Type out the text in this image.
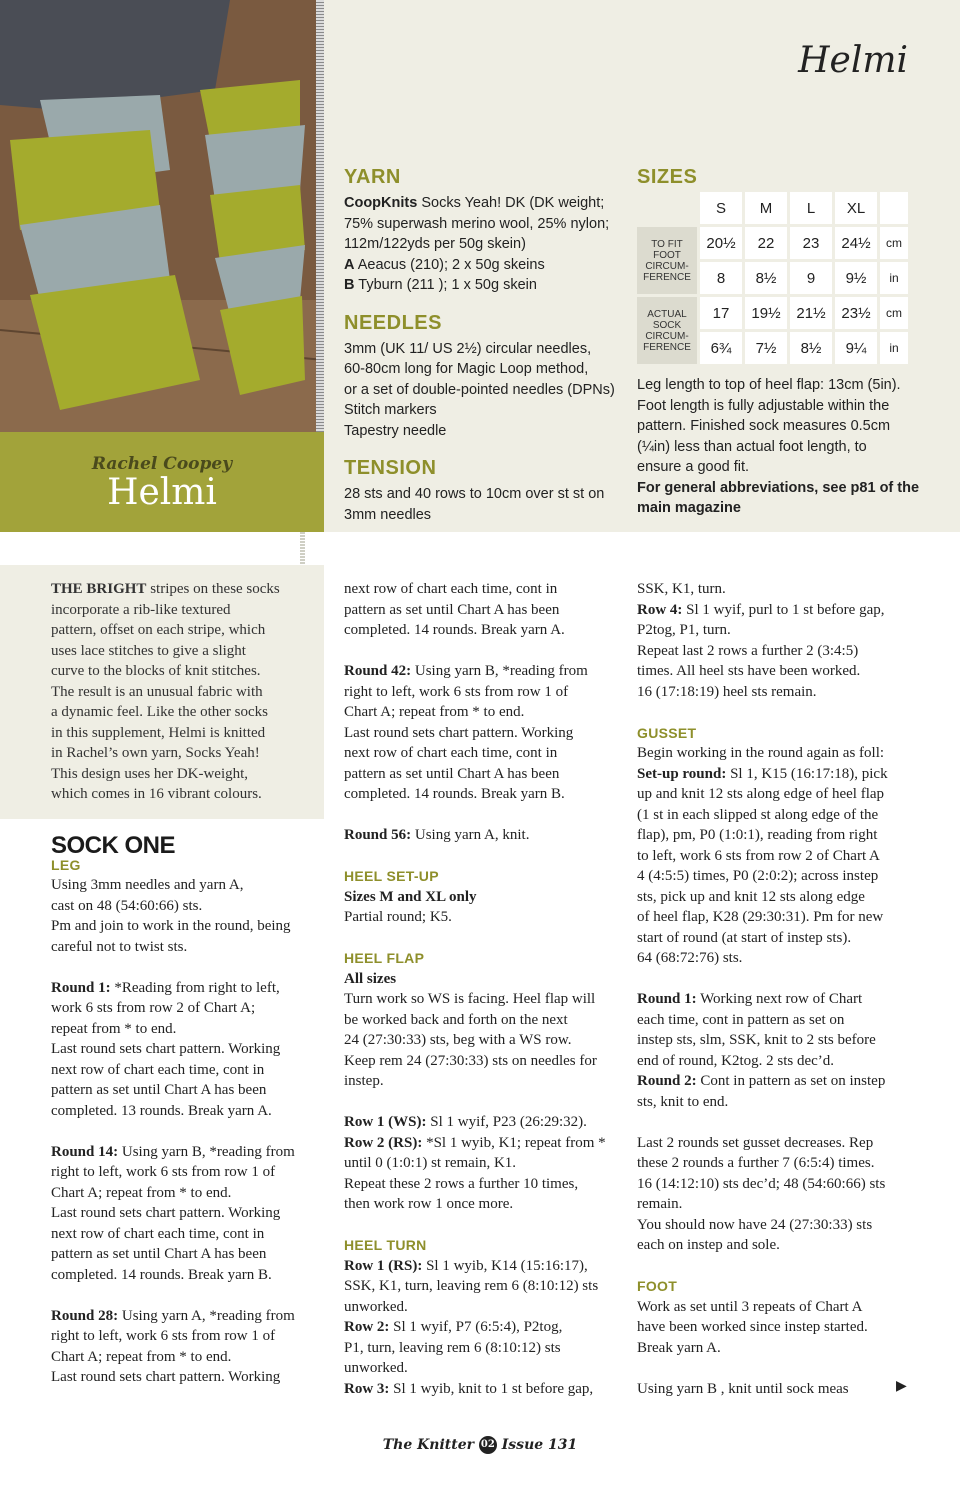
Rachel Coopey
Helmi
Helmi
YARN
CoopKnits Socks Yeah! DK (DK weight;
75% superwash merino wool, 25% nylon;
112m/122yds per 50g skein)
A Aeacus (210); 2 x 50g skeins
B Tyburn (211 ); 1 x 50g skein
NEEDLES
3mm (UK 11/ US 2½) circular needles,
60-80cm long for Magic Loop method,
or a set of double-pointed needles (DPNs)
Stitch markers
Tapestry needle
TENSION
28 sts and 40 rows to 10cm over st st on
3mm needles
SIZES
	S	M	L	XL	
TO FIT
FOOT
CIRCUM-
FERENCE	20½	22	23	24½	cm
	8	8½	9	9½	in
ACTUAL
SOCK
CIRCUM-
FERENCE	17	19½	21½	23½	cm
	6¾	7½	8½	9¼	in
Leg length to top of heel flap: 13cm (5in).
Foot length is fully adjustable within the
pattern. Finished sock measures 0.5cm
(¼in) less than actual foot length, to
ensure a good fit.
For general abbreviations, see p81 of the
main magazine
THE BRIGHT stripes on these socks
incorporate a rib-like textured
pattern, offset on each stripe, which
uses lace stitches to give a slight
curve to the blocks of knit stitches.
The result is an unusual fabric with
a dynamic feel. Like the other socks
in this supplement, Helmi is knitted
in Rachel’s own yarn, Socks Yeah!
This design uses her DK-weight,
which comes in 16 vibrant colours.
SOCK ONE
LEG

Using 3mm needles and yarn A,
cast on 48 (54:60:66) sts.
Pm and join to work in the round, being
careful not to twist sts.

Round 1: *Reading from right to left,
work 6 sts from row 2 of Chart A;
repeat from * to end.
Last round sets chart pattern. Working
next row of chart each time, cont in
pattern as set until Chart A has been
completed. 13 rounds. Break yarn A.

Round 14: Using yarn B, *reading from
right to left, work 6 sts from row 1 of
Chart A; repeat from * to end.
Last round sets chart pattern. Working
next row of chart each time, cont in
pattern as set until Chart A has been
completed. 14 rounds. Break yarn B.

Round 28: Using yarn A, *reading from
right to left, work 6 sts from row 1 of
Chart A; repeat from * to end.
Last round sets chart pattern. Working

next row of chart each time, cont in
pattern as set until Chart A has been
completed. 14 rounds. Break yarn A.

Round 42: Using yarn B, *reading from
right to left, work 6 sts from row 1 of
Chart A; repeat from * to end.
Last round sets chart pattern. Working
next row of chart each time, cont in
pattern as set until Chart A has been
completed. 14 rounds. Break yarn B.

Round 56: Using yarn A, knit.

HEEL SET-UP
Sizes M and XL only
Partial round; K5.

HEEL FLAP
All sizes
Turn work so WS is facing. Heel flap will
be worked back and forth on the next
24 (27:30:33) sts, beg with a WS row.
Keep rem 24 (27:30:33) sts on needles for
instep.

Row 1 (WS): Sl 1 wyif, P23 (26:29:32).
Row 2 (RS): *Sl 1 wyib, K1; repeat from *
until 0 (1:0:1) st remain, K1.
Repeat these 2 rows a further 10 times,
then work row 1 once more.

HEEL TURN
Row 1 (RS): Sl 1 wyib, K14 (15:16:17),
SSK, K1, turn, leaving rem 6 (8:10:12) sts
unworked.
Row 2: Sl 1 wyif, P7 (6:5:4), P2tog,
P1, turn, leaving rem 6 (8:10:12) sts
unworked.
Row 3: Sl 1 wyib, knit to 1 st before gap,

SSK, K1, turn.
Row 4: Sl 1 wyif, purl to 1 st before gap,
P2tog, P1, turn.
Repeat last 2 rows a further 2 (3:4:5)
times. All heel sts have been worked.
16 (17:18:19) heel sts remain.

GUSSET
Begin working in the round again as foll:
Set-up round: Sl 1, K15 (16:17:18), pick
up and knit 12 sts along edge of heel flap
(1 st in each slipped st along edge of the
flap), pm, P0 (1:0:1), reading from right
to left, work 6 sts from row 2 of Chart A
4 (4:5:5) times, P0 (2:0:2); across instep
sts, pick up and knit 12 sts along edge
of heel flap, K28 (29:30:31). Pm for new
start of round (at start of instep sts).
64 (68:72:76) sts.

Round 1: Working next row of Chart
each time, cont in pattern as set on
instep sts, slm, SSK, knit to 2 sts before
end of round, K2tog. 2 sts dec’d.
Round 2: Cont in pattern as set on instep
sts, knit to end.

Last 2 rounds set gusset decreases. Rep
these 2 rounds a further 7 (6:5:4) times.
16 (14:12:10) sts dec’d; 48 (54:60:66) sts
remain.
You should now have 24 (27:30:33) sts
each on instep and sole.

FOOT
Work as set until 3 repeats of Chart A
have been worked since instep started.
Break yarn A.

Using yarn B , knit until sock meas	▶
The Knitter 02 Issue 131
